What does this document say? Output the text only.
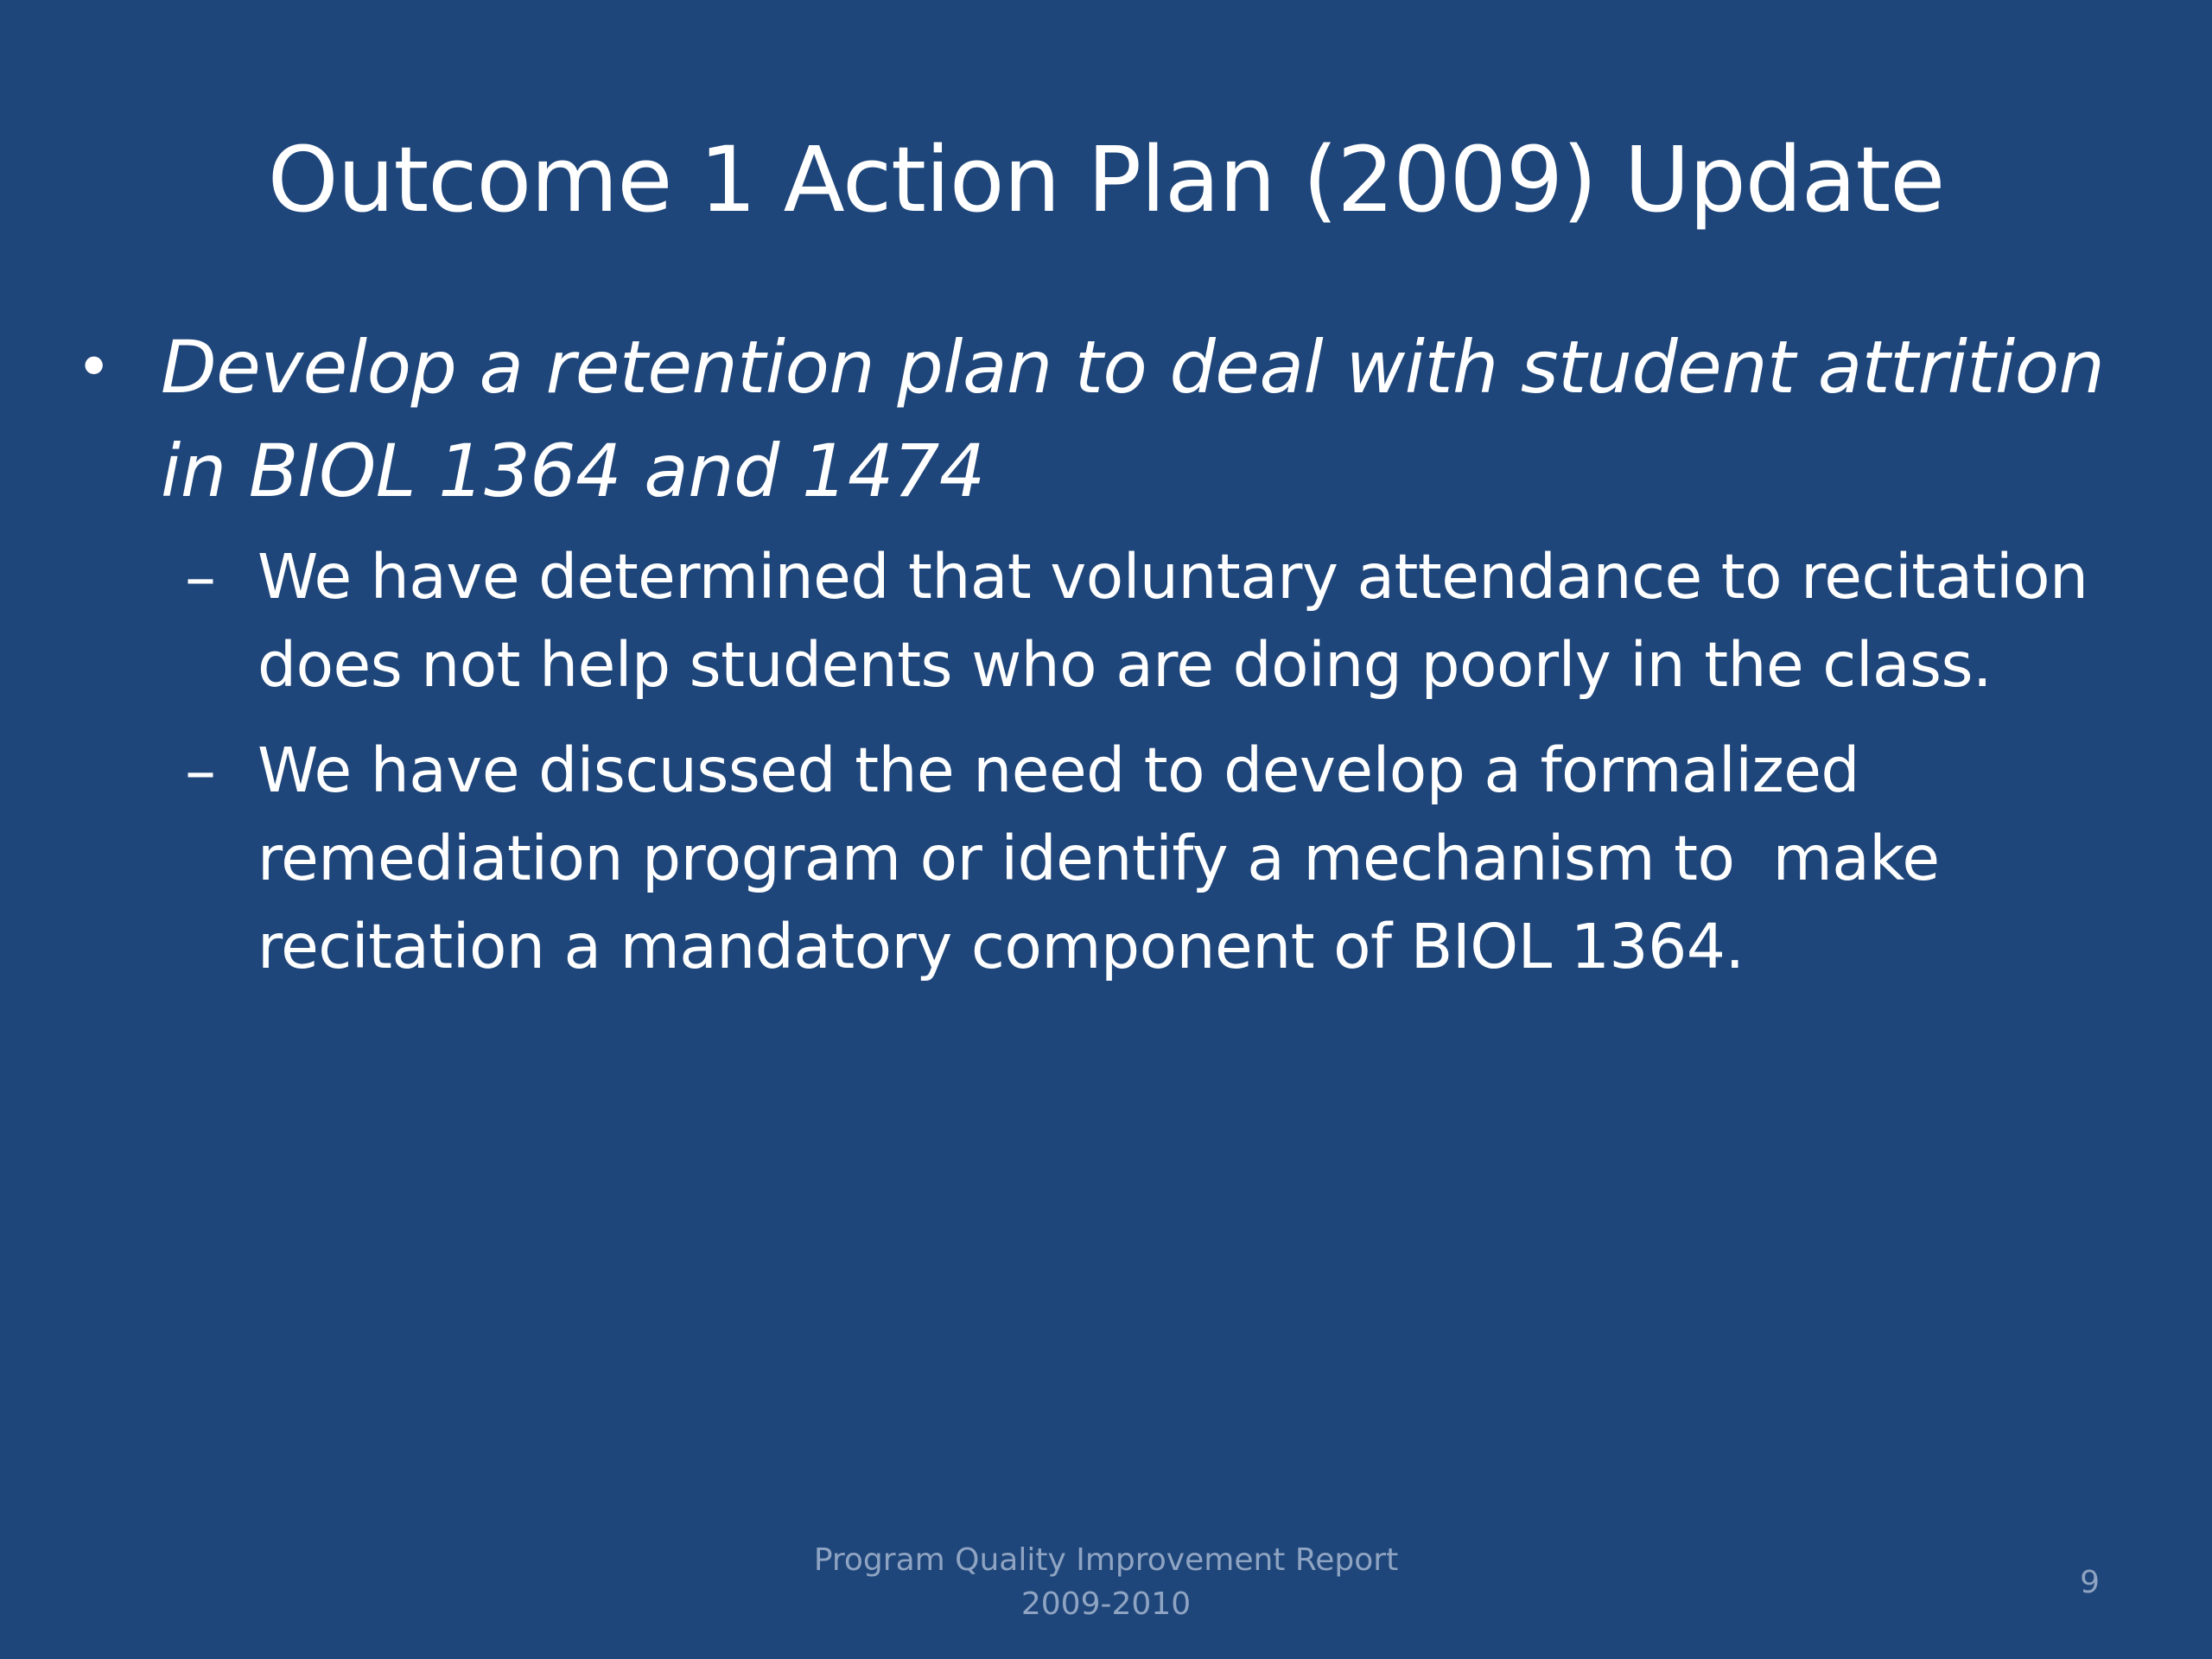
Outcome 1 Action Plan (2009) Update
• Develop a retention plan to deal with student attrition
in BIOL 1364 and 1474
– We have determined that voluntary attendance to recitation
does not help students who are doing poorly in the class.
– We have discussed the need to develop a formalized
remediation program or identify a mechanism to  make
recitation a mandatory component of BIOL 1364.
Program Quality Improvement Report
2009-2010
9
